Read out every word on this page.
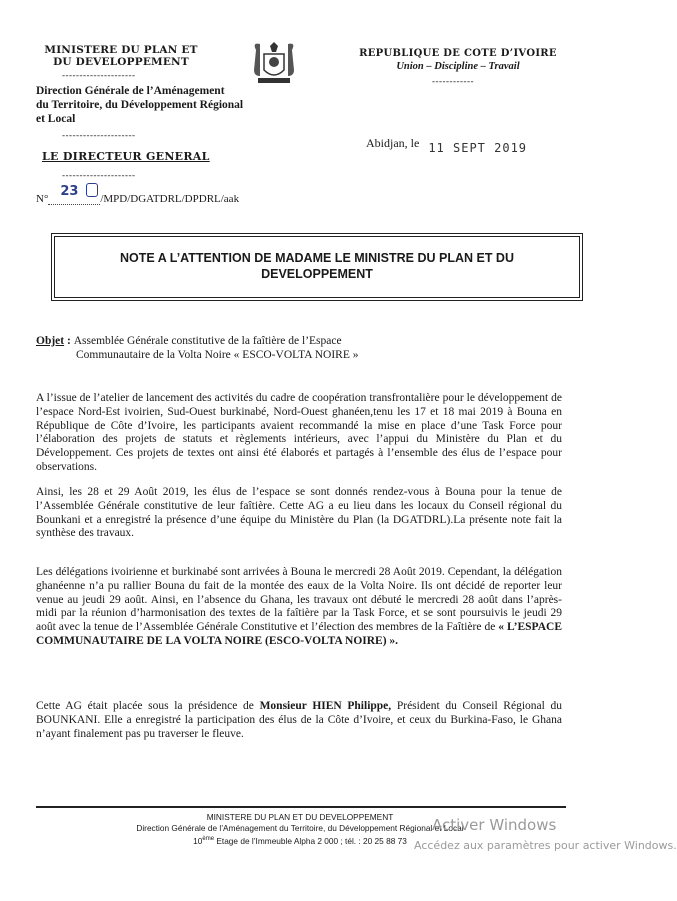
MINISTERE DU PLAN ET
DU DEVELOPPEMENT
---------------------
Direction Générale de l’Aménagement
du Territoire, du Développement Régional
et Local
---------------------
LE DIRECTEUR GENERAL
---------------------
N° 23 /MPD/DGATDRL/DPDRL/aak
REPUBLIQUE DE COTE D’IVOIRE
Union – Discipline – Travail
------------
Abidjan, le 11 SEPT 2019
NOTE A L’ATTENTION DE MADAME LE MINISTRE DU PLAN ET DU
DEVELOPPEMENT
Objet : Assemblée Générale constitutive de la faîtière de l’Espace
Communautaire de la Volta Noire « ESCO-VOLTA NOIRE »
A l’issue de l’atelier de lancement des activités du cadre de coopération transfrontalière pour le développement de l’espace Nord-Est ivoirien, Sud-Ouest burkinabé, Nord-Ouest ghanéen,tenu les 17 et 18 mai 2019 à Bouna en République de Côte d’Ivoire, les participants avaient recommandé la mise en place d’une Task Force pour l’élaboration des projets de statuts et règlements intérieurs, avec l’appui du Ministère du Plan et du Développement. Ces projets de textes ont ainsi été élaborés et partagés à l’ensemble des élus de l’espace pour observations.
Ainsi, les 28 et 29 Août 2019, les élus de l’espace se sont donnés rendez-vous à Bouna pour la tenue de l’Assemblée Générale constitutive de leur faîtière. Cette AG a eu lieu dans les locaux du Conseil régional du Bounkani et a enregistré la présence d’une équipe du Ministère du Plan (la DGATDRL).La présente note fait la synthèse des travaux.
Les délégations ivoirienne et burkinabé sont arrivées à Bouna le mercredi 28 Août 2019. Cependant, la délégation ghanéenne n’a pu rallier Bouna du fait de la montée des eaux de la Volta Noire. Ils ont décidé de reporter leur venue au jeudi 29 août. Ainsi, en l’absence du Ghana, les travaux ont débuté le mercredi 28 août dans l’après-midi par la réunion d’harmonisation des textes de la faîtière par la Task Force, et se sont poursuivis le jeudi 29 août avec la tenue de l’Assemblée Générale Constitutive et l’élection des membres de la Faîtière de « L’ESPACE COMMUNAUTAIRE DE LA VOLTA NOIRE (ESCO-VOLTA NOIRE) ».
Cette AG était placée sous la présidence de Monsieur HIEN Philippe, Président du Conseil Régional du BOUNKANI. Elle a enregistré la participation des élus de la Côte d’Ivoire, et ceux du Burkina-Faso, le Ghana n’ayant finalement pas pu traverser le fleuve.
MINISTERE DU PLAN ET DU DEVELOPPEMENT
Direction Générale de l’Aménagement du Territoire, du Développement Régional et Local
10ème Etage de l’Immeuble Alpha 2 000 ; tél. : 20 25 88 73
Activer Windows
Accédez aux paramètres pour activer Windows.
